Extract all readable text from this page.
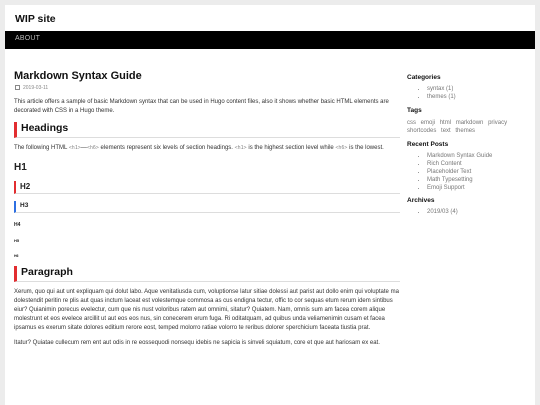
WIP site
ABOUT
Markdown Syntax Guide
2019-03-11

This article offers a sample of basic Markdown syntax that can be used in Hugo content files, also it shows whether basic HTML elements are decorated with CSS in a Hugo theme.

Headings

The following HTML <h1>—<h6> elements represent six levels of section headings. <h1> is the highest section level while <h6> is the lowest.

H1
H2
H3
H4
H5
H6
Paragraph

Xerum, quo qui aut unt expliquam qui dolut labo. Aque venitatiusda cum, voluptionse latur sitiae dolessi aut parist aut dollo enim qui voluptate ma dolestendit peritin re plis aut quas inctum laceat est volestemque commosa as cus endigna tectur, offic to cor sequas etum rerum idem sintibus eiur? Quianimin porecus evelectur, cum que nis nust voloribus ratem aut omnimi, sitatur? Quiatem. Nam, omnis sum am facea corem alique molestrunt et eos evelece arcillit ut aut eos eos nus, sin conecerem erum fuga. Ri oditatquam, ad quibus unda veliamenimin cusam et facea ipsamus es exerum sitate dolores editium rerore eost, temped molorro ratiae volorro te reribus dolorer sperchicium faceata tiustia prat.

Itatur? Quiatae cullecum rem ent aut odis in re eossequodi nonsequ idebis ne sapicia is sinveli squiatum, core et que aut hariosam ex eat.

Categories
• syntax (1)
• themes (1)
Tags
css emoji html markdown privacy shortcodes text themes
Recent Posts
• Markdown Syntax Guide
• Rich Content
• Placeholder Text
• Math Typesetting
• Emoji Support
Archives
• 2019/03 (4)
